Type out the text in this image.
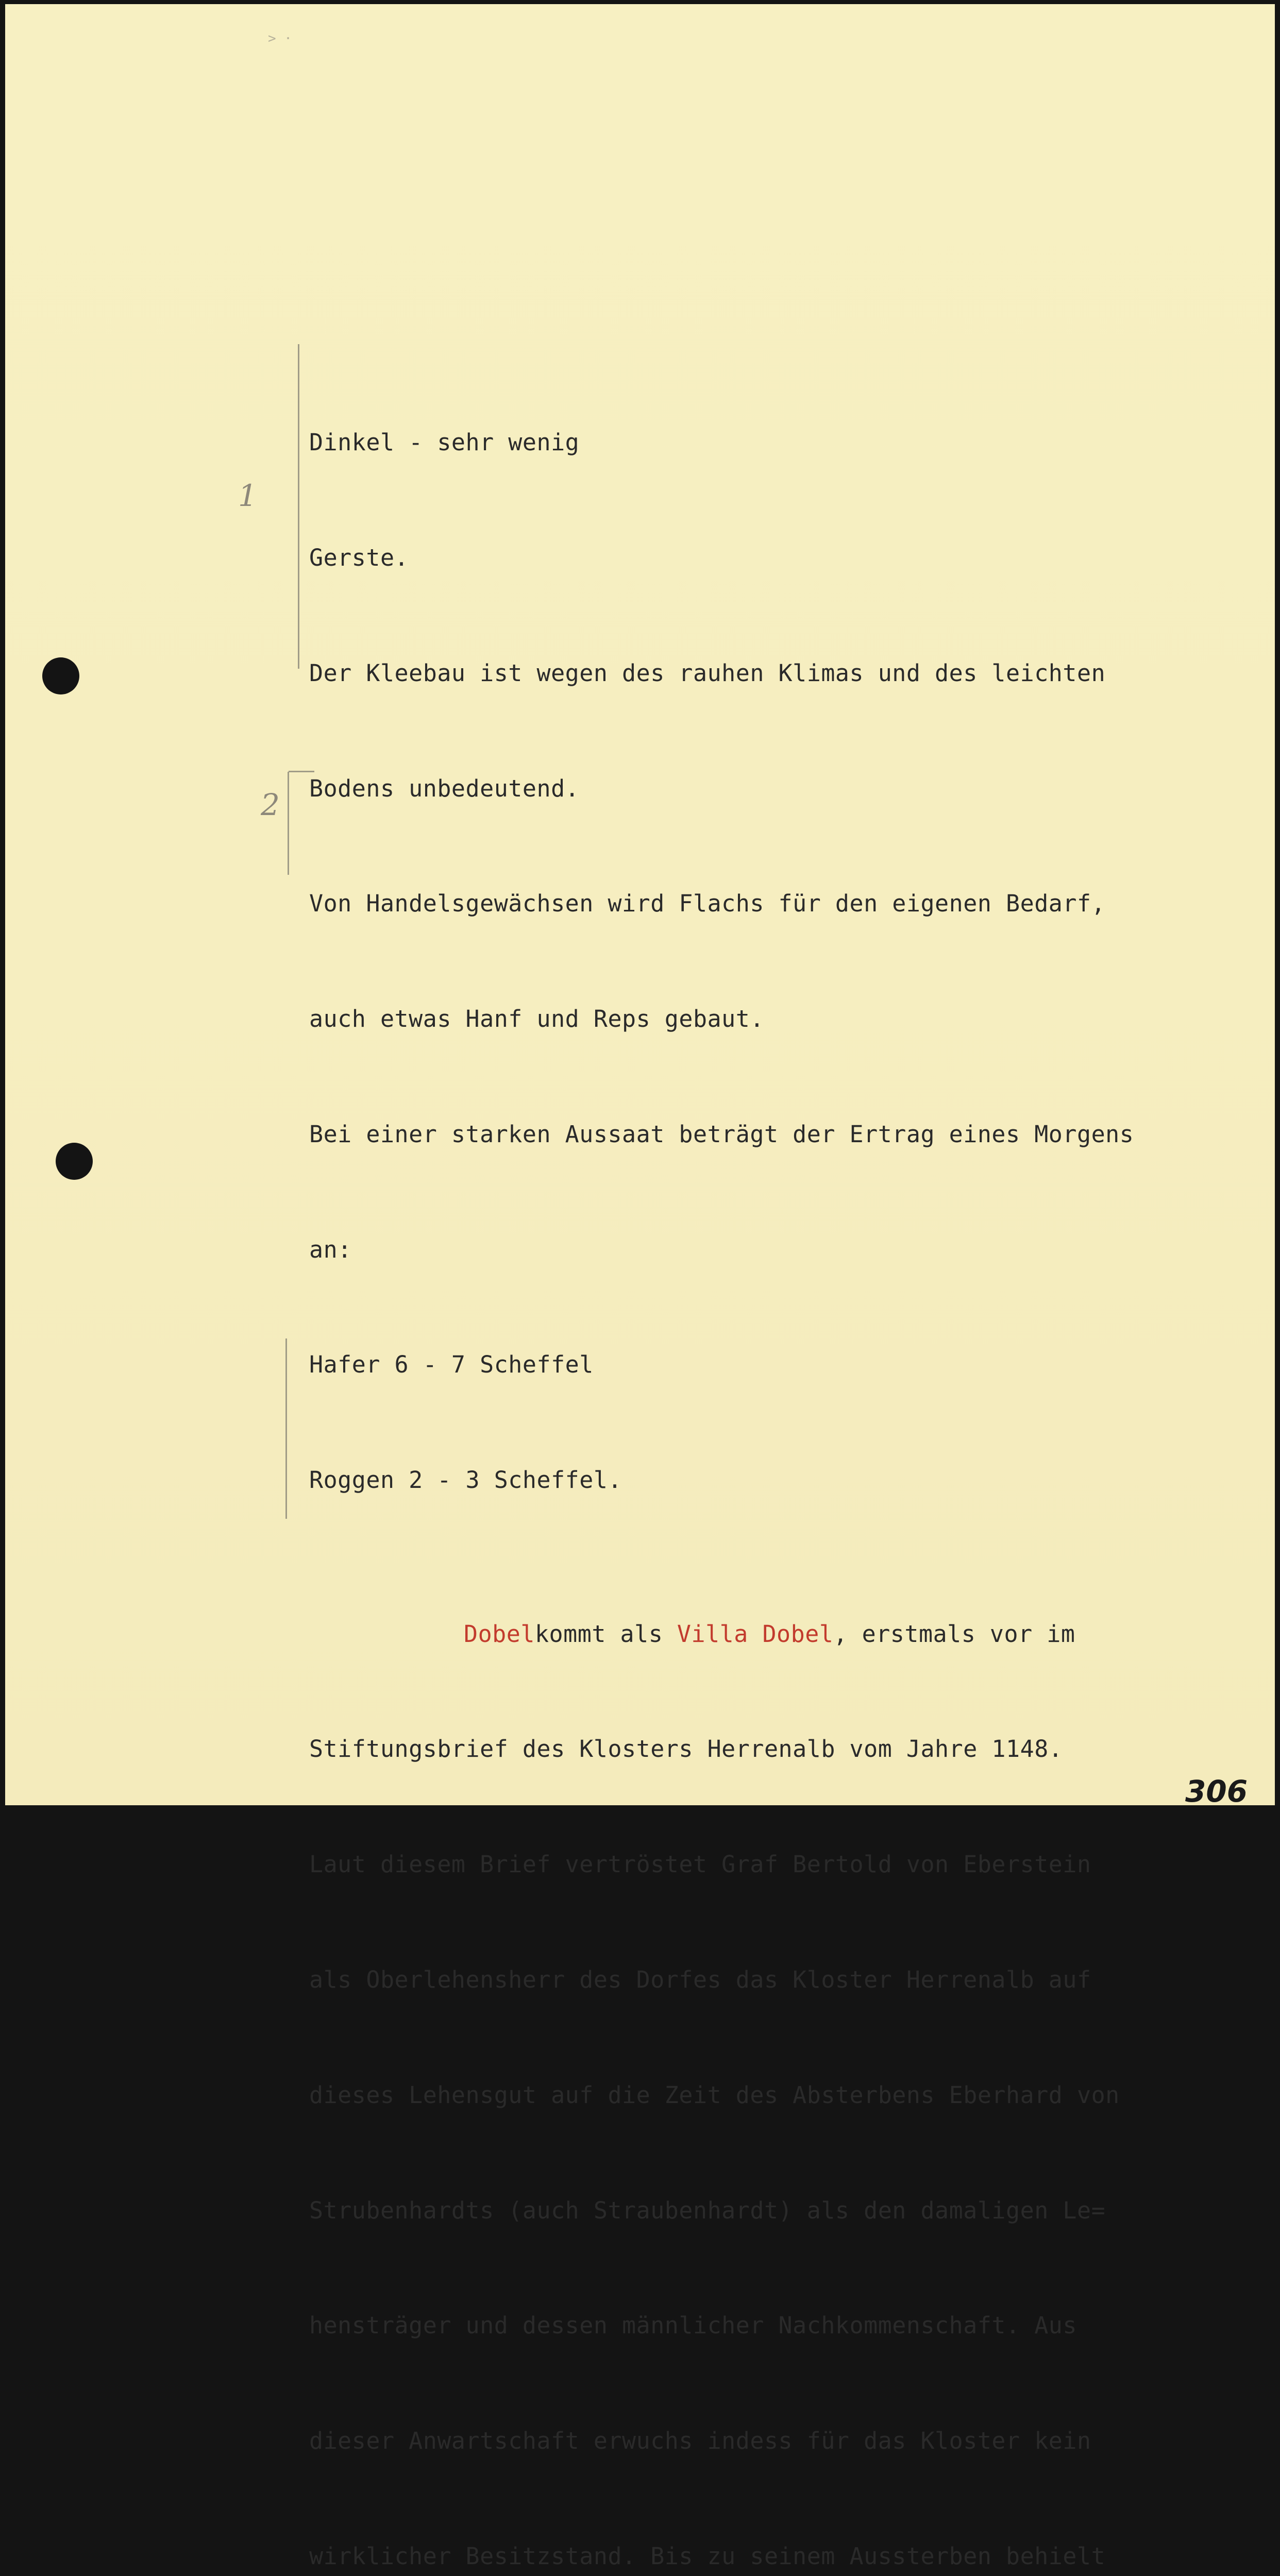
> ·
1
2

Dinkel - sehr wenig

Gerste.

Der Kleebau ist wegen des rauhen Klimas und des leichten

Bodens unbedeutend.

Von Handelsgewächsen wird Flachs für den eigenen Bedarf,

auch etwas Hanf und Reps gebaut.

Bei einer starken Aussaat beträgt der Ertrag eines Morgens

an:

Hafer 6 - 7 Scheffel

Roggen 2 - 3 Scheffel.

Dobelkommt als Villa Dobel, erstmals vor im

Stiftungsbrief des Klosters Herrenalb vom Jahre 1148.

Laut diesem Brief vertröstet Graf Bertold von Eberstein

als Oberlehensherr des Dorfes das Kloster Herrenalb auf

dieses Lehensgut auf die Zeit des Absterbens Eberhard von

Strubenhardts (auch Straubenhardt) als den damaligen Le=

hensträger und dessen männlicher Nachkommenschaft. Aus

dieser Anwartschaft erwuchs indess für das Kloster kein

wirklicher Besitzstand. Bis zu seinem Aussterben behielt

306
